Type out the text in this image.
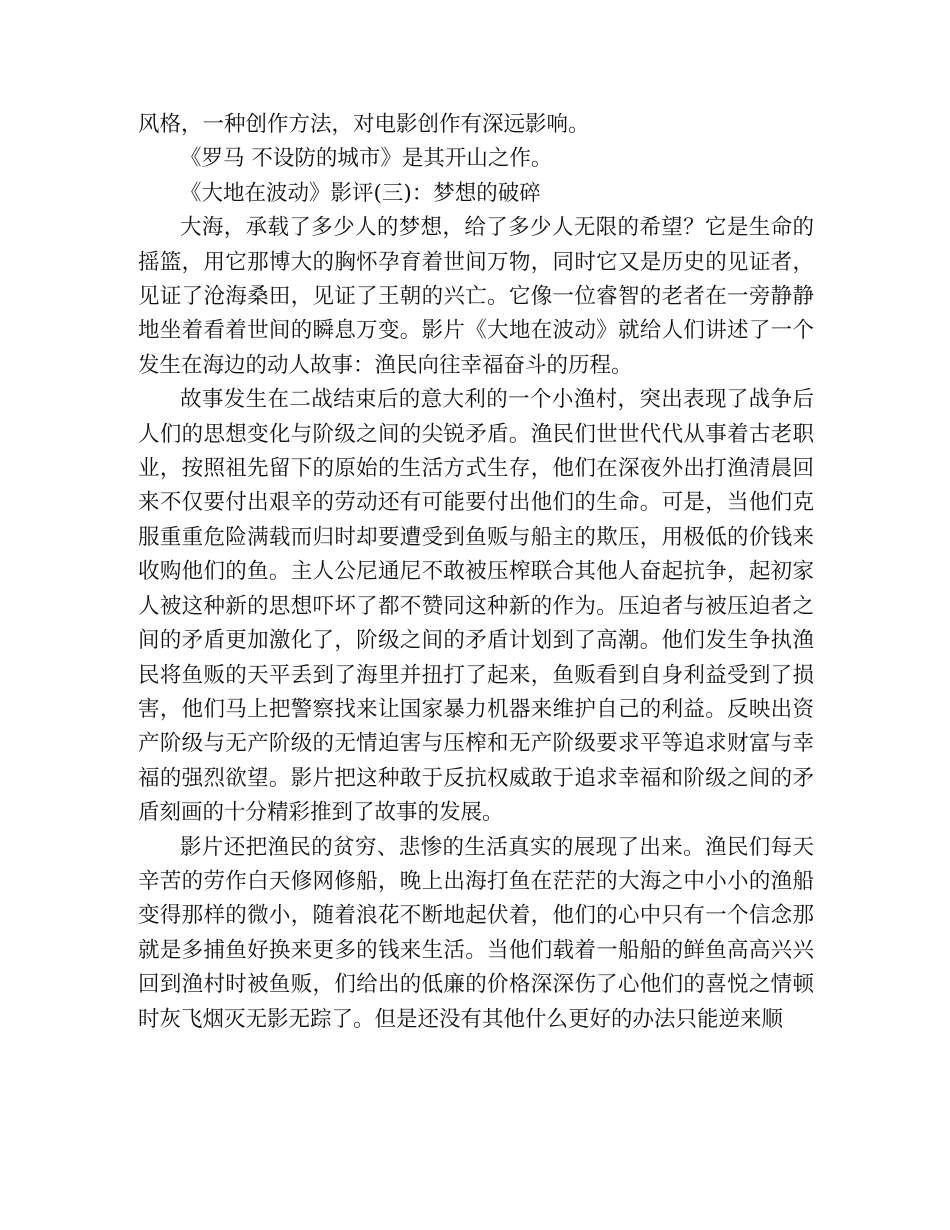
风格，一种创作方法，对电影创作有深远影响。

《罗马 不设防的城市》是其开山之作。

《大地在波动》影评(三)：梦想的破碎

大海，承载了多少人的梦想，给了多少人无限的希望？它是生命的摇篮，用它那博大的胸怀孕育着世间万物，同时它又是历史的见证者，见证了沧海桑田，见证了王朝的兴亡。它像一位睿智的老者在一旁静静地坐着看着世间的瞬息万变。影片《大地在波动》就给人们讲述了一个发生在海边的动人故事：渔民向往幸福奋斗的历程。

故事发生在二战结束后的意大利的一个小渔村，突出表现了战争后人们的思想变化与阶级之间的尖锐矛盾。渔民们世世代代从事着古老职业，按照祖先留下的原始的生活方式生存，他们在深夜外出打渔清晨回来不仅要付出艰辛的劳动还有可能要付出他们的生命。可是，当他们克服重重危险满载而归时却要遭受到鱼贩与船主的欺压，用极低的价钱来收购他们的鱼。主人公尼通尼不敢被压榨联合其他人奋起抗争，起初家人被这种新的思想吓坏了都不赞同这种新的作为。压迫者与被压迫者之间的矛盾更加激化了，阶级之间的矛盾计划到了高潮。他们发生争执渔民将鱼贩的天平丢到了海里并扭打了起来，鱼贩看到自身利益受到了损害，他们马上把警察找来让国家暴力机器来维护自己的利益。反映出资产阶级与无产阶级的无情迫害与压榨和无产阶级要求平等追求财富与幸福的强烈欲望。影片把这种敢于反抗权威敢于追求幸福和阶级之间的矛盾刻画的十分精彩推到了故事的发展。

影片还把渔民的贫穷、悲惨的生活真实的展现了出来。渔民们每天辛苦的劳作白天修网修船，晚上出海打鱼在茫茫的大海之中小小的渔船变得那样的微小，随着浪花不断地起伏着，他们的心中只有一个信念那就是多捕鱼好换来更多的钱来生活。当他们载着一船船的鲜鱼高高兴兴回到渔村时被鱼贩，们给出的低廉的价格深深伤了心他们的喜悦之情顿时灰飞烟灭无影无踪了。但是还没有其他什么更好的办法只能逆来顺
